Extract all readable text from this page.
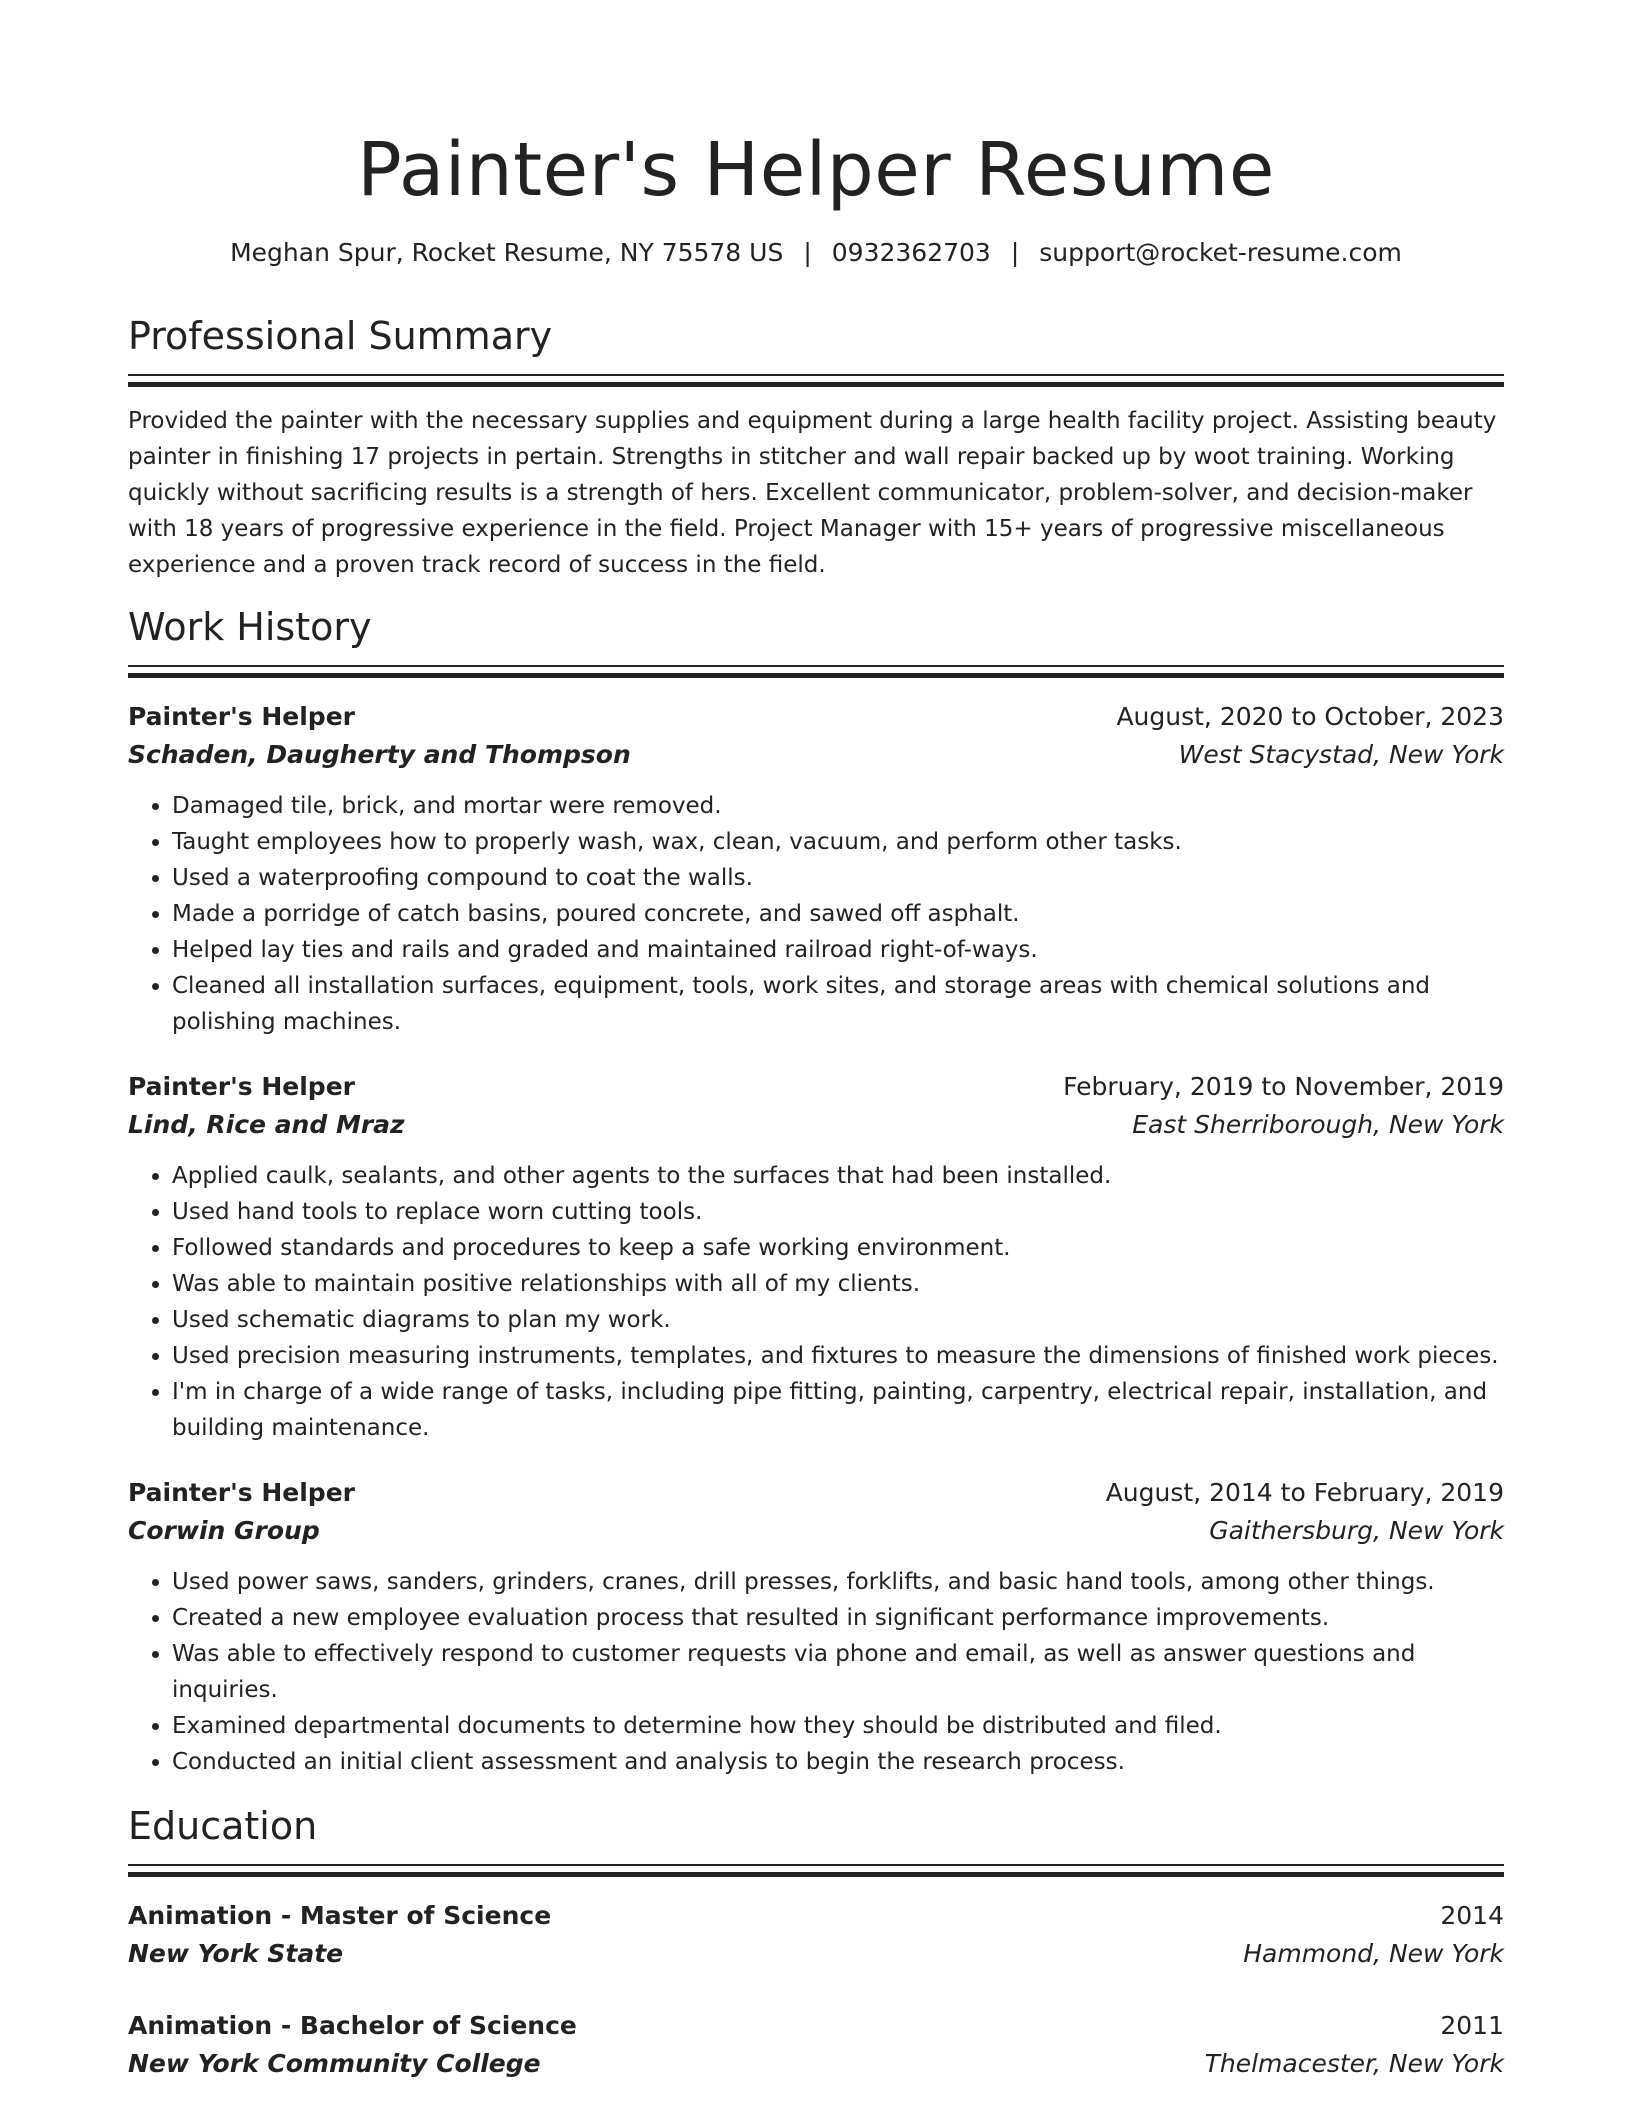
Painter's Helper Resume
Meghan Spur, Rocket Resume, NY 75578 US | 0932362703 | support@rocket-resume.com
Professional Summary

Provided the painter with the necessary supplies and equipment during a large health facility project. Assisting beauty painter in finishing 17 projects in pertain. Strengths in stitcher and wall repair backed up by woot training. Working quickly without sacrificing results is a strength of hers. Excellent communicator, problem-solver, and decision-maker with 18 years of progressive experience in the field. Project Manager with 15+ years of progressive miscellaneous experience and a proven track record of success in the field.

Work History
Painter's Helper	August, 2020 to October, 2023
Schaden, Daugherty and Thompson	West Stacystad, New York
• Damaged tile, brick, and mortar were removed.
• Taught employees how to properly wash, wax, clean, vacuum, and perform other tasks.
• Used a waterproofing compound to coat the walls.
• Made a porridge of catch basins, poured concrete, and sawed off asphalt.
• Helped lay ties and rails and graded and maintained railroad right-of-ways.
• Cleaned all installation surfaces, equipment, tools, work sites, and storage areas with chemical solutions and polishing machines.
Painter's Helper	February, 2019 to November, 2019
Lind, Rice and Mraz	East Sherriborough, New York
• Applied caulk, sealants, and other agents to the surfaces that had been installed.
• Used hand tools to replace worn cutting tools.
• Followed standards and procedures to keep a safe working environment.
• Was able to maintain positive relationships with all of my clients.
• Used schematic diagrams to plan my work.
• Used precision measuring instruments, templates, and fixtures to measure the dimensions of finished work pieces.
• I'm in charge of a wide range of tasks, including pipe fitting, painting, carpentry, electrical repair, installation, and building maintenance.
Painter's Helper	August, 2014 to February, 2019
Corwin Group	Gaithersburg, New York
• Used power saws, sanders, grinders, cranes, drill presses, forklifts, and basic hand tools, among other things.
• Created a new employee evaluation process that resulted in significant performance improvements.
• Was able to effectively respond to customer requests via phone and email, as well as answer questions and inquiries.
• Examined departmental documents to determine how they should be distributed and filed.
• Conducted an initial client assessment and analysis to begin the research process.
Education
Animation - Master of Science	2014
New York State	Hammond, New York
Animation - Bachelor of Science	2011
New York Community College	Thelmacester, New York
